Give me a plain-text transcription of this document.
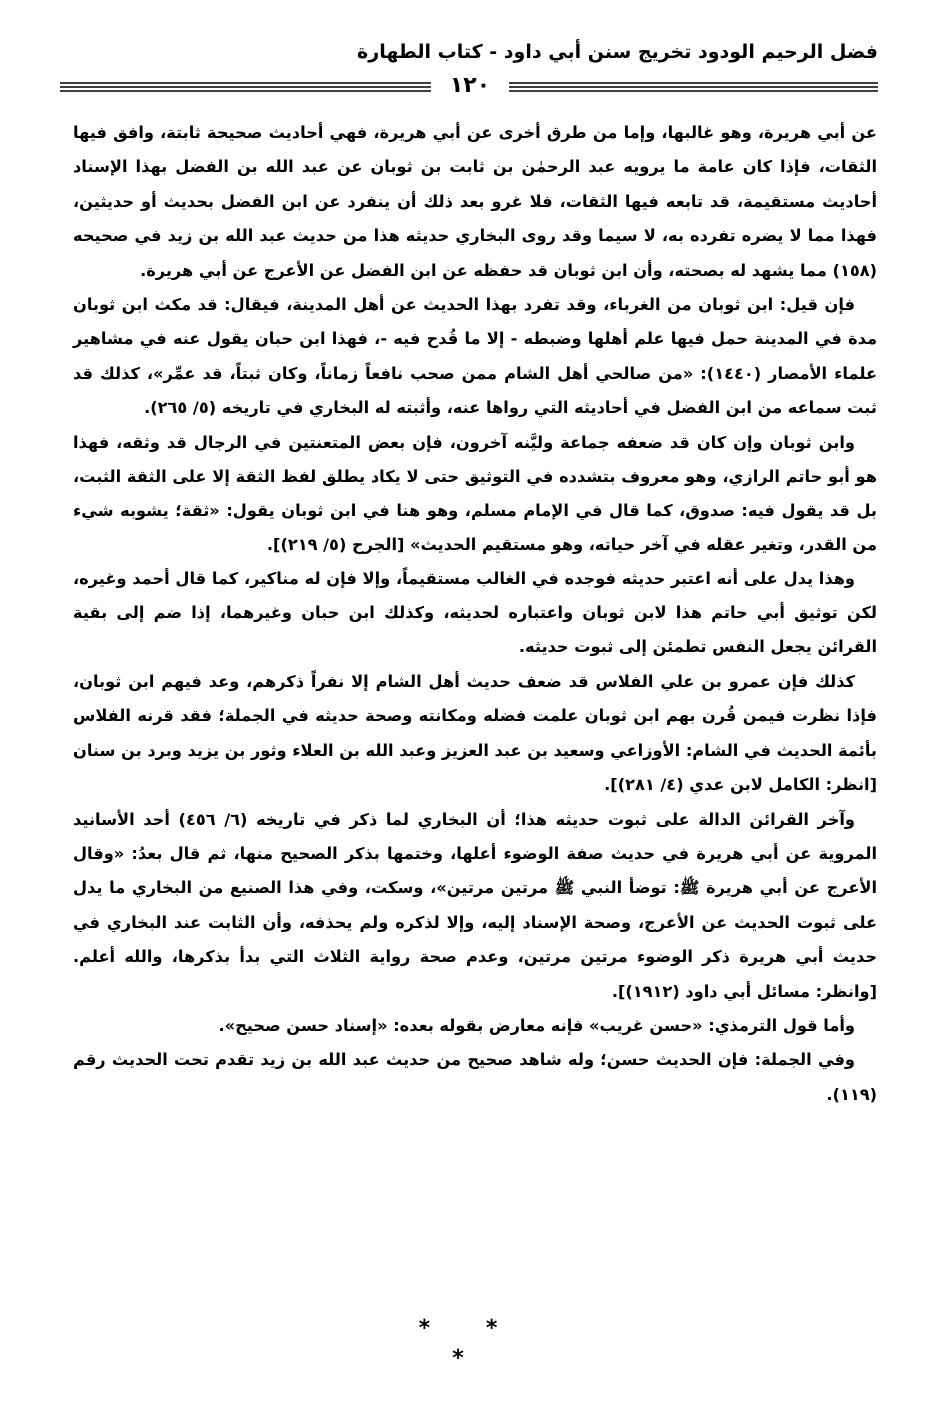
فضل الرحيم الودود تخريج سنن أبي داود - كتاب الطهارة
١٢٠

عن أبي هريرة، وهو غالبها، وإما من طرق أخرى عن أبي هريرة، فهي أحاديث صحيحة ثابتة، وافق فيها الثقات، فإذا كان عامة ما يرويه عبد الرحمٰن بن ثابت بن ثوبان عن عبد الله بن الفضل بهذا الإسناد أحاديث مستقيمة، قد تابعه فيها الثقات، فلا غرو بعد ذلك أن ينفرد عن ابن الفضل بحديث أو حديثين، فهذا مما لا يضره تفرده به، لا سيما وقد روى البخاري حديثه هذا من حديث عبد الله بن زيد في صحيحه (١٥٨) مما يشهد له بصحته، وأن ابن ثوبان قد حفظه عن ابن الفضل عن الأعرج عن أبي هريرة.

فإن قيل: ابن ثوبان من الغرباء، وقد تفرد بهذا الحديث عن أهل المدينة، فيقال: قد مكث ابن ثوبان مدة في المدينة حمل فيها علم أهلها وضبطه - إلا ما قُدح فيه -، فهذا ابن حبان يقول عنه في مشاهير علماء الأمصار (١٤٤٠): «من صالحي أهل الشام ممن صحب نافعاً زماناً، وكان ثبتاً، قد عمِّر»، كذلك قد ثبت سماعه من ابن الفضل في أحاديثه التي رواها عنه، وأثبته له البخاري في تاريخه (٥/ ٢٦٥).

وابن ثوبان وإن كان قد ضعفه جماعة وليَّنه آخرون، فإن بعض المتعنتين في الرجال قد وثقه، فهذا هو أبو حاتم الرازي، وهو معروف بتشدده في التوثيق حتى لا يكاد يطلق لفظ الثقة إلا على الثقة الثبت، بل قد يقول فيه: صدوق، كما قال في الإمام مسلم، وهو هنا في ابن ثوبان يقول: «ثقة؛ يشوبه شيء من القدر، وتغير عقله في آخر حياته، وهو مستقيم الحديث» [الجرح (٥/ ٢١٩)].

وهذا يدل على أنه اعتبر حديثه فوجده في الغالب مستقيماً، وإلا فإن له مناكير، كما قال أحمد وغيره، لكن توثيق أبي حاتم هذا لابن ثوبان واعتباره لحديثه، وكذلك ابن حبان وغيرهما، إذا ضم إلى بقية القرائن يجعل النفس تطمئن إلى ثبوت حديثه.

كذلك فإن عمرو بن علي الفلاس قد ضعف حديث أهل الشام إلا نفراً ذكرهم، وعد فيهم ابن ثوبان، فإذا نظرت فيمن قُرن بهم ابن ثوبان علمت فضله ومكانته وصحة حديثه في الجملة؛ فقد قرنه الفلاس بأئمة الحديث في الشام: الأوزاعي وسعيد بن عبد العزيز وعبد الله بن العلاء وثور بن يزيد وبرد بن سنان [انظر: الكامل لابن عدي (٤/ ٢٨١)].

وآخر القرائن الدالة على ثبوت حديثه هذا؛ أن البخاري لما ذكر في تاريخه (٦/ ٤٥٦) أحد الأسانيد المروية عن أبي هريرة في حديث صفة الوضوء أعلها، وختمها بذكر الصحيح منها، ثم قال بعدُ: «وقال الأعرج عن أبي هريرة ﷺ: توضأ النبي ﷺ مرتين مرتين»، وسكت، وفي هذا الصنيع من البخاري ما يدل على ثبوت الحديث عن الأعرج، وصحة الإسناد إليه، وإلا لذكره ولم يحذفه، وأن الثابت عند البخاري في حديث أبي هريرة ذكر الوضوء مرتين مرتين، وعدم صحة رواية الثلاث التي بدأ بذكرها، والله أعلم. [وانظر: مسائل أبي داود (١٩١٢)].

وأما قول الترمذي: «حسن غريب» فإنه معارض بقوله بعده: «إسناد حسن صحيح».

وفي الجملة: فإن الحديث حسن؛ وله شاهد صحيح من حديث عبد الله بن زيد تقدم تحت الحديث رقم (١١٩).

* * *
